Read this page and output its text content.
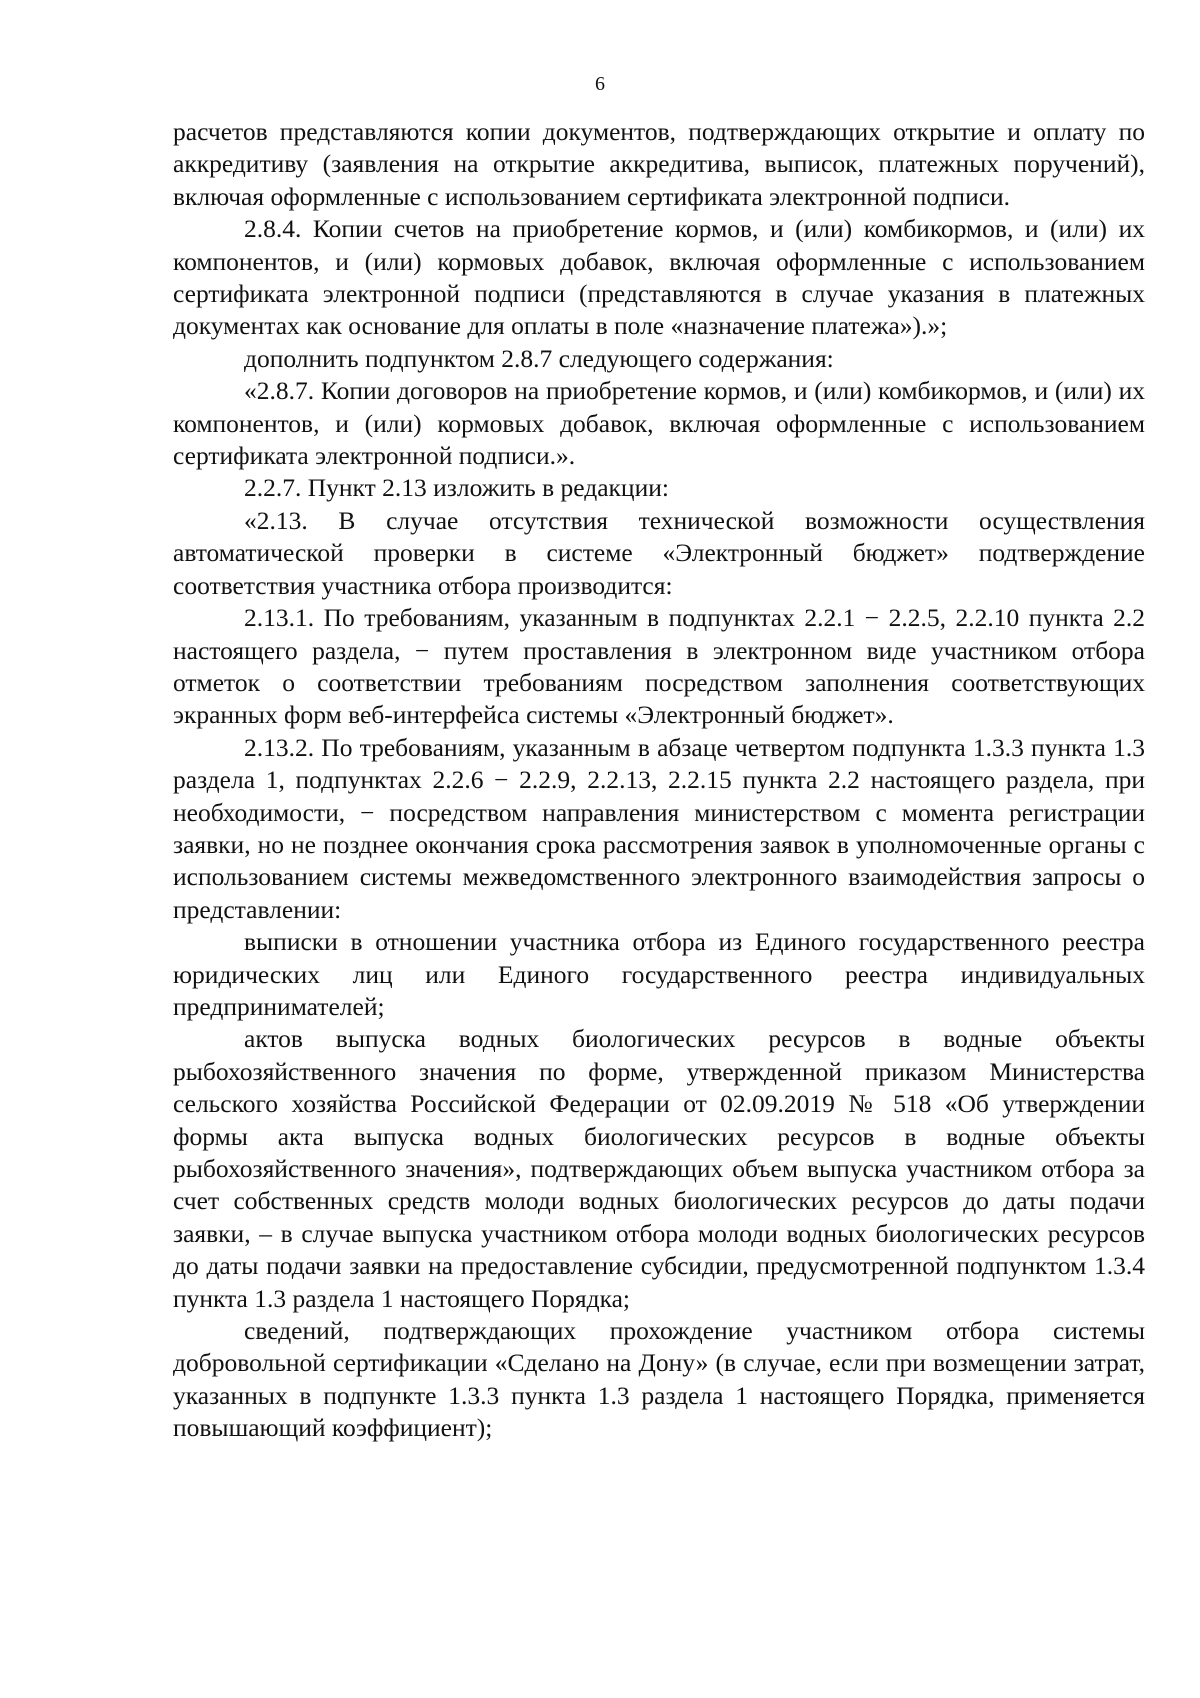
6

расчетов представляются копии документов, подтверждающих открытие и оплату по аккредитиву (заявления на открытие аккредитива, выписок, платежных поручений), включая оформленные с использованием сертификата электронной подписи.

2.8.4. Копии счетов на приобретение кормов, и (или) комбикормов, и (или) их компонентов, и (или) кормовых добавок, включая оформленные с использованием сертификата электронной подписи (представляются в случае указания в платежных документах как основание для оплаты в поле «назначение платежа»).»;

дополнить подпунктом 2.8.7 следующего содержания:

«2.8.7. Копии договоров на приобретение кормов, и (или) комбикормов, и (или) их компонентов, и (или) кормовых добавок, включая оформленные с использованием сертификата электронной подписи.».

2.2.7. Пункт 2.13 изложить в редакции:

«2.13. В случае отсутствия технической возможности осуществления автоматической проверки в системе «Электронный бюджет» подтверждение соответствия участника отбора производится:

2.13.1. По требованиям, указанным в подпунктах 2.2.1 − 2.2.5, 2.2.10 пункта 2.2 настоящего раздела, − путем проставления в электронном виде участником отбора отметок о соответствии требованиям посредством заполнения соответствующих экранных форм веб-интерфейса системы «Электронный бюджет».

2.13.2. По требованиям, указанным в абзаце четвертом подпункта 1.3.3 пункта 1.3 раздела 1, подпунктах 2.2.6 − 2.2.9, 2.2.13, 2.2.15 пункта 2.2 настоящего раздела, при необходимости, − посредством направления министерством с момента регистрации заявки, но не позднее окончания срока рассмотрения заявок в уполномоченные органы с использованием системы межведомственного электронного взаимодействия запросы о представлении:

выписки в отношении участника отбора из Единого государственного реестра юридических лиц или Единого государственного реестра индивидуальных предпринимателей;

актов выпуска водных биологических ресурсов в водные объекты рыбохозяйственного значения по форме, утвержденной приказом Министерства сельского хозяйства Российской Федерации от 02.09.2019 № 518 «Об утверждении формы акта выпуска водных биологических ресурсов в водные объекты рыбохозяйственного значения», подтверждающих объем выпуска участником отбора за счет собственных средств молоди водных биологических ресурсов до даты подачи заявки, – в случае выпуска участником отбора молоди водных биологических ресурсов до даты подачи заявки на предоставление субсидии, предусмотренной подпунктом 1.3.4 пункта 1.3 раздела 1 настоящего Порядка;

сведений, подтверждающих прохождение участником отбора системы добровольной сертификации «Сделано на Дону» (в случае, если при возмещении затрат, указанных в подпункте 1.3.3 пункта 1.3 раздела 1 настоящего Порядка, применяется повышающий коэффициент);
